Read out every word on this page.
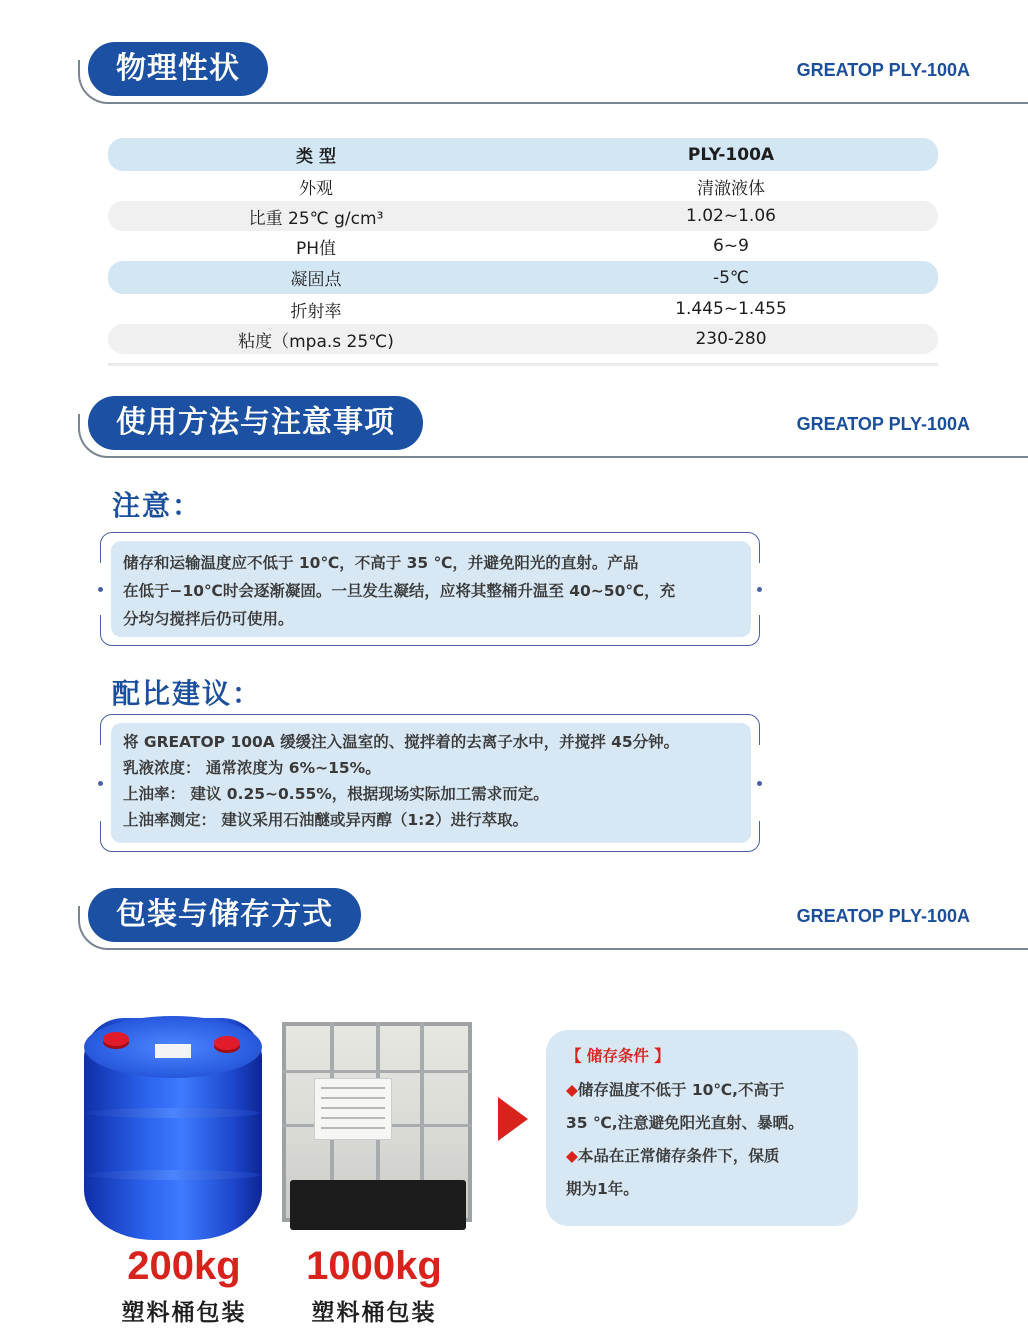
物理性状	GREATOP PLY-100A
类 型	PLY-100A
外观	清澈液体
比重 25℃ g/cm³	1.02~1.06
PH值	6~9
凝固点	-5℃
折射率	1.445~1.455
粘度（mpa.s 25℃)	230-280
使用方法与注意事项	GREATOP PLY-100A
注意：
储存和运输温度应不低于 10℃，不高于 35 ℃，并避免阳光的直射。产品
在低于−10℃时会逐渐凝固。一旦发生凝结，应将其整桶升温至 40~50℃，充
分均匀搅拌后仍可使用。
配比建议：
将 GREATOP 100A 缓缓注入温室的、搅拌着的去离子水中，并搅拌 45分钟。
乳液浓度： 通常浓度为 6%~15%。
上油率： 建议 0.25~0.55%，根据现场实际加工需求而定。
上油率测定： 建议采用石油醚或异丙醇（1:2）进行萃取。
包装与储存方式	GREATOP PLY-100A
200kg
塑料桶包装
1000kg
塑料桶包装
【 储存条件 】
◆储存温度不低于 10℃,不高于
35 ℃,注意避免阳光直射、暴晒。
◆本品在正常储存条件下，保质
期为1年。
